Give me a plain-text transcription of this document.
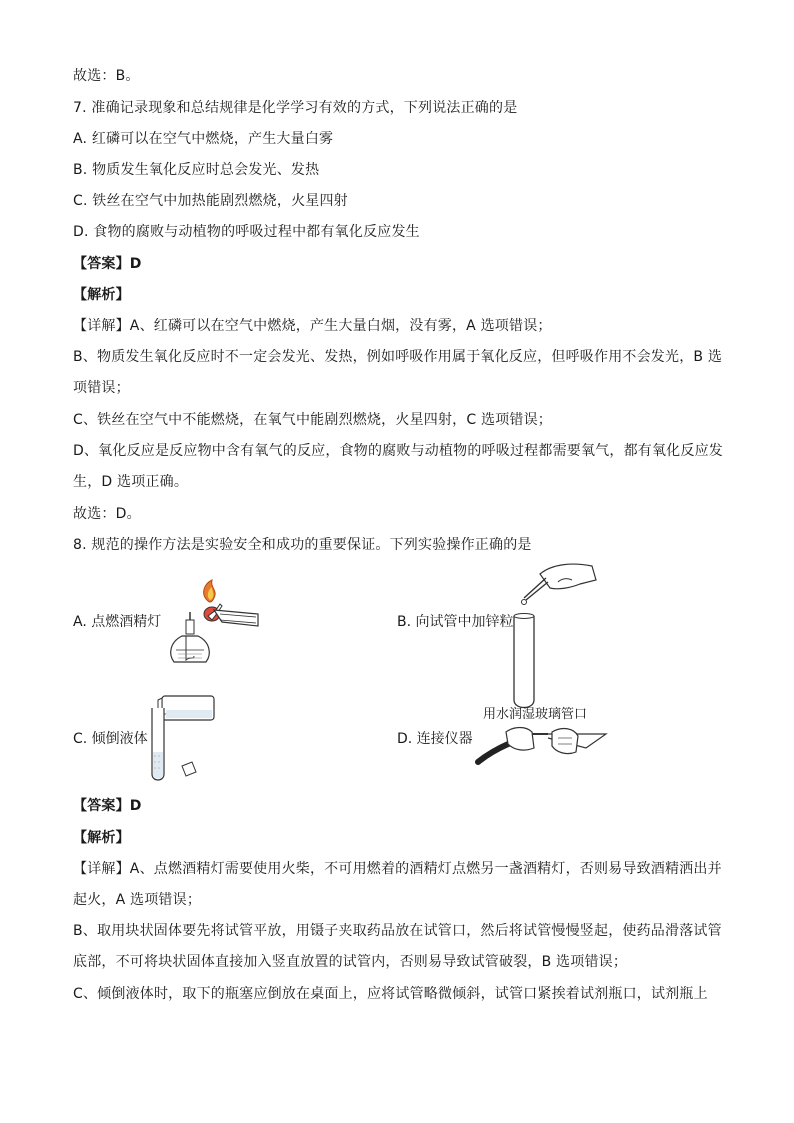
故选：B。
7. 准确记录现象和总结规律是化学学习有效的方式，下列说法正确的是
A. 红磷可以在空气中燃烧，产生大量白雾
B. 物质发生氧化反应时总会发光、发热
C. 铁丝在空气中加热能剧烈燃烧，火星四射
D. 食物的腐败与动植物的呼吸过程中都有氧化反应发生
【答案】D
【解析】
【详解】A、红磷可以在空气中燃烧，产生大量白烟，没有雾，A 选项错误；
B、物质发生氧化反应时不一定会发光、发热，例如呼吸作用属于氧化反应，但呼吸作用不会发光，B 选
项错误；
C、铁丝在空气中不能燃烧，在氧气中能剧烈燃烧，火星四射，C 选项错误；
D、氧化反应是反应物中含有氧气的反应，食物的腐败与动植物的呼吸过程都需要氧气，都有氧化反应发
生，D 选项正确。
故选：D。
8. 规范的操作方法是实验安全和成功的重要保证。下列实验操作正确的是
A. 点燃酒精灯	B. 向试管中加锌粒
C. 倾倒液体	D. 连接仪器
用水润湿玻璃管口
【答案】D
【解析】
【详解】A、点燃酒精灯需要使用火柴，不可用燃着的酒精灯点燃另一盏酒精灯，否则易导致酒精洒出并
起火，A 选项错误；
B、取用块状固体要先将试管平放，用镊子夹取药品放在试管口，然后将试管慢慢竖起，使药品滑落试管
底部，不可将块状固体直接加入竖直放置的试管内，否则易导致试管破裂，B 选项错误；
C、倾倒液体时，取下的瓶塞应倒放在桌面上，应将试管略微倾斜，试管口紧挨着试剂瓶口，试剂瓶上
